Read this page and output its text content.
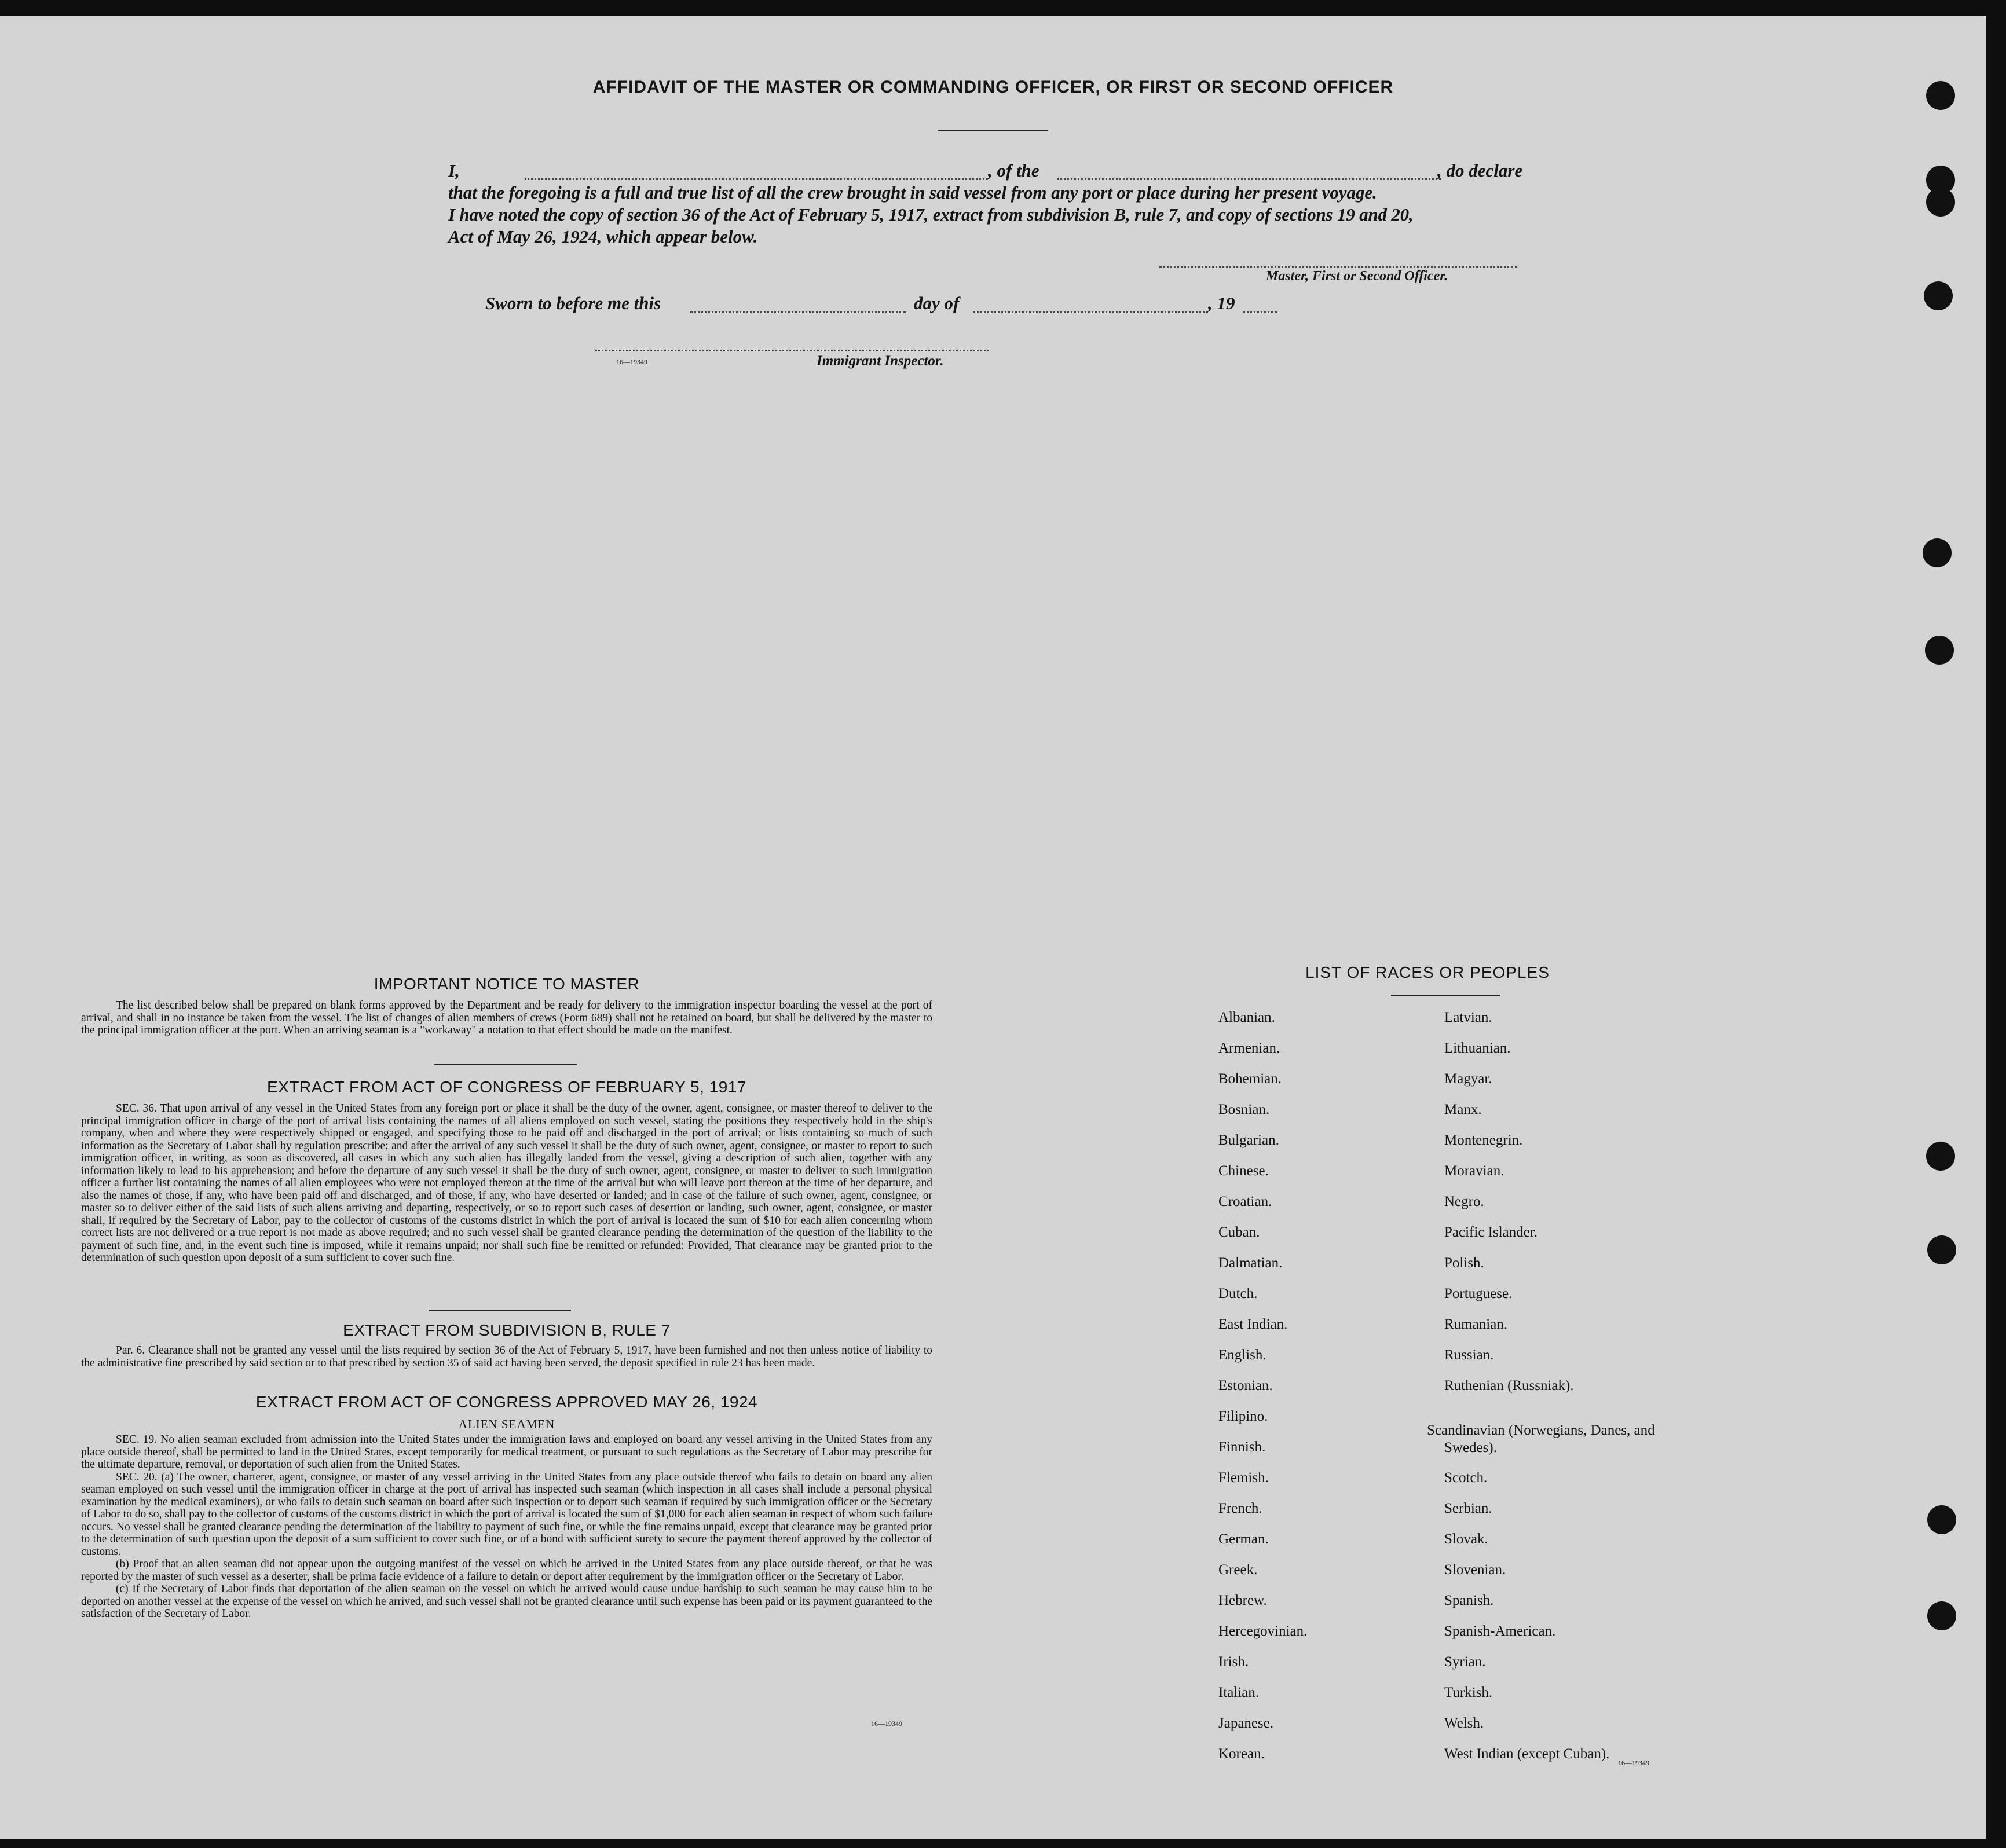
AFFIDAVIT OF THE MASTER OR COMMANDING OFFICER, OR FIRST OR SECOND OFFICER
I,	, of the	, do declare
that the foregoing is a full and true list of all the crew brought in said vessel from any port or place during her present voyage.
I have noted the copy of section 36 of the Act of February 5, 1917, extract from subdivision B, rule 7, and copy of sections 19 and 20,
Act of May 26, 1924, which appear below.
Master, First or Second Officer.
Sworn to before me this	day of	, 19
16—19349	Immigrant Inspector.
IMPORTANT NOTICE TO MASTER

The list described below shall be prepared on blank forms approved by the Department and be ready for delivery to the immigration inspector boarding the vessel at the port of arrival, and shall in no instance be taken from the vessel. The list of changes of alien members of crews (Form 689) shall not be retained on board, but shall be delivered by the master to the principal immigration officer at the port. When an arriving seaman is a "workaway" a notation to that effect should be made on the manifest.

EXTRACT FROM ACT OF CONGRESS OF FEBRUARY 5, 1917

SEC. 36. That upon arrival of any vessel in the United States from any foreign port or place it shall be the duty of the owner, agent, consignee, or master thereof to deliver to the principal immigration officer in charge of the port of arrival lists containing the names of all aliens employed on such vessel, stating the positions they respectively hold in the ship's company, when and where they were respectively shipped or engaged, and specifying those to be paid off and discharged in the port of arrival; or lists containing so much of such information as the Secretary of Labor shall by regulation prescribe; and after the arrival of any such vessel it shall be the duty of such owner, agent, consignee, or master to report to such immigration officer, in writing, as soon as discovered, all cases in which any such alien has illegally landed from the vessel, giving a description of such alien, together with any information likely to lead to his apprehension; and before the departure of any such vessel it shall be the duty of such owner, agent, consignee, or master to deliver to such immigration officer a further list containing the names of all alien employees who were not employed thereon at the time of the arrival but who will leave port thereon at the time of her departure, and also the names of those, if any, who have been paid off and discharged, and of those, if any, who have deserted or landed; and in case of the failure of such owner, agent, consignee, or master so to deliver either of the said lists of such aliens arriving and departing, respectively, or so to report such cases of desertion or landing, such owner, agent, consignee, or master shall, if required by the Secretary of Labor, pay to the collector of customs of the customs district in which the port of arrival is located the sum of $10 for each alien concerning whom correct lists are not delivered or a true report is not made as above required; and no such vessel shall be granted clearance pending the determination of the question of the liability to the payment of such fine, and, in the event such fine is imposed, while it remains unpaid; nor shall such fine be remitted or refunded: Provided, That clearance may be granted prior to the determination of such question upon deposit of a sum sufficient to cover such fine.

EXTRACT FROM SUBDIVISION B, RULE 7

Par. 6. Clearance shall not be granted any vessel until the lists required by section 36 of the Act of February 5, 1917, have been furnished and not then unless notice of liability to the administrative fine prescribed by said section or to that prescribed by section 35 of said act having been served, the deposit specified in rule 23 has been made.

EXTRACT FROM ACT OF CONGRESS APPROVED MAY 26, 1924
ALIEN SEAMEN

SEC. 19. No alien seaman excluded from admission into the United States under the immigration laws and employed on board any vessel arriving in the United States from any place outside thereof, shall be permitted to land in the United States, except temporarily for medical treatment, or pursuant to such regulations as the Secretary of Labor may prescribe for the ultimate departure, removal, or deportation of such alien from the United States.

SEC. 20. (a) The owner, charterer, agent, consignee, or master of any vessel arriving in the United States from any place outside thereof who fails to detain on board any alien seaman employed on such vessel until the immigration officer in charge at the port of arrival has inspected such seaman (which inspection in all cases shall include a personal physical examination by the medical examiners), or who fails to detain such seaman on board after such inspection or to deport such seaman if required by such immigration officer or the Secretary of Labor to do so, shall pay to the collector of customs of the customs district in which the port of arrival is located the sum of $1,000 for each alien seaman in respect of whom such failure occurs. No vessel shall be granted clearance pending the determination of the liability to payment of such fine, or while the fine remains unpaid, except that clearance may be granted prior to the determination of such question upon the deposit of a sum sufficient to cover such fine, or of a bond with sufficient surety to secure the payment thereof approved by the collector of customs.

(b) Proof that an alien seaman did not appear upon the outgoing manifest of the vessel on which he arrived in the United States from any place outside thereof, or that he was reported by the master of such vessel as a deserter, shall be prima facie evidence of a failure to detain or deport after requirement by the immigration officer or the Secretary of Labor.

(c) If the Secretary of Labor finds that deportation of the alien seaman on the vessel on which he arrived would cause undue hardship to such seaman he may cause him to be deported on another vessel at the expense of the vessel on which he arrived, and such vessel shall not be granted clearance until such expense has been paid or its payment guaranteed to the satisfaction of the Secretary of Labor.

16—19349
LIST OF RACES OR PEOPLES
Albanian.
Armenian.
Bohemian.
Bosnian.
Bulgarian.
Chinese.
Croatian.
Cuban.
Dalmatian.
Dutch.
East Indian.
English.
Estonian.
Filipino.
Finnish.
Flemish.
French.
German.
Greek.
Hebrew.
Hercegovinian.
Irish.
Italian.
Japanese.
Korean.
Latvian.
Lithuanian.
Magyar.
Manx.
Montenegrin.
Moravian.
Negro.
Pacific Islander.
Polish.
Portuguese.
Rumanian.
Russian.
Ruthenian (Russniak).
Scandinavian (Norwegians, Danes, and Swedes).
Scotch.
Serbian.
Slovak.
Slovenian.
Spanish.
Spanish-American.
Syrian.
Turkish.
Welsh.
West Indian (except Cuban).
16—19349
